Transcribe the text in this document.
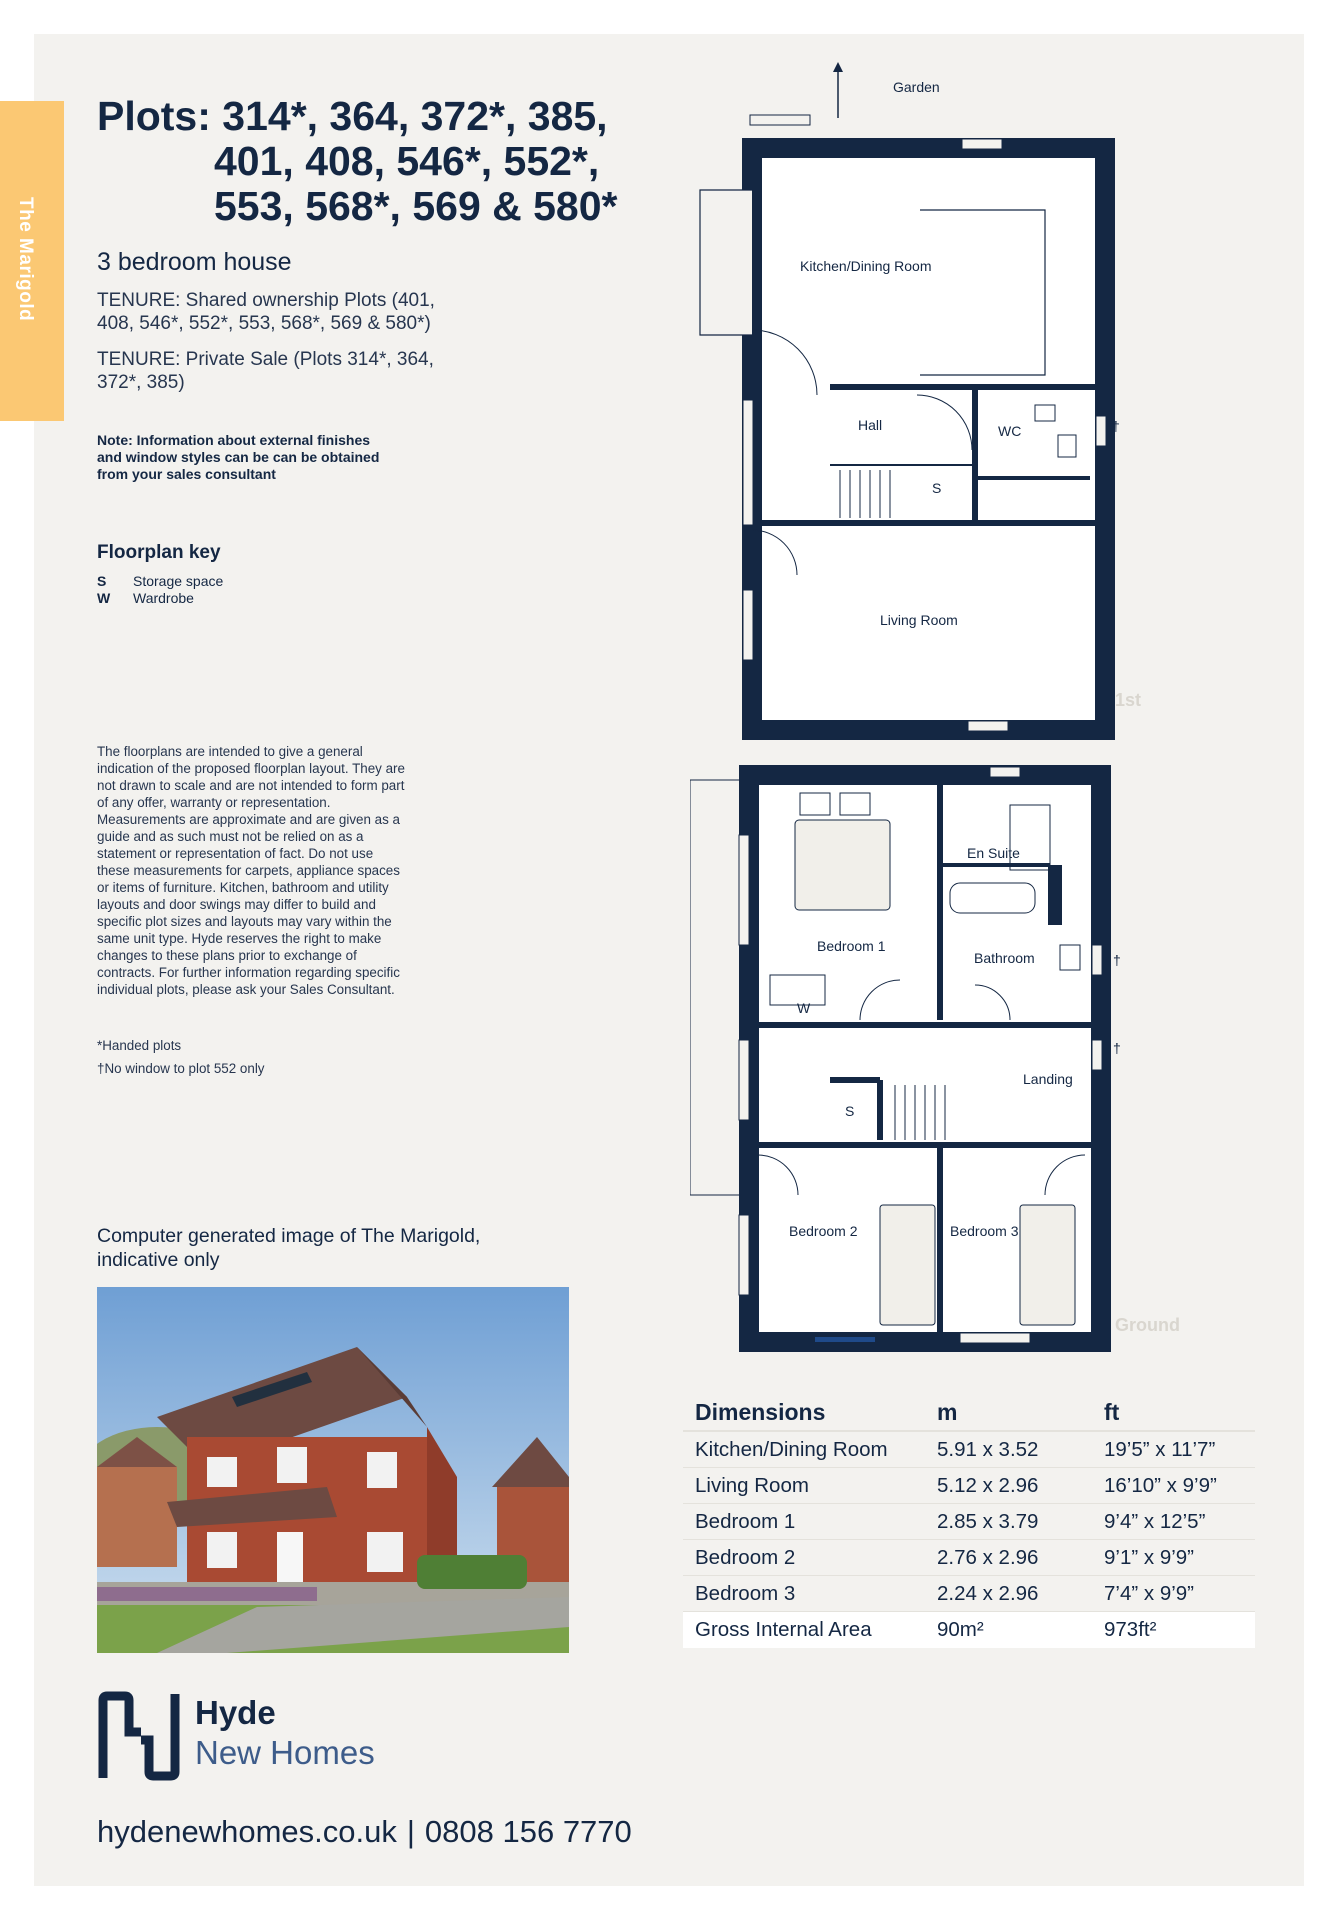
The Marigold
Plots: 314*, 364, 372*, 385,
401, 408, 546*, 552*,
553, 568*, 569 & 580*
3 bedroom house
TENURE: Shared ownership Plots (401, 408, 546*, 552*, 553, 568*, 569 & 580*)
TENURE: Private Sale (Plots 314*, 364, 372*, 385)
Note: Information about external finishes and window styles can be can be obtained from your sales consultant
Floorplan key
S Storage space
W Wardrobe
The floorplans are intended to give a general indication of the proposed floorplan layout. They are not drawn to scale and are not intended to form part of any offer, warranty or representation. Measurements are approximate and are given as a guide and as such must not be relied on as a statement or representation of fact. Do not use these measurements for carpets, appliance spaces or items of furniture. Kitchen, bathroom and utility layouts and door swings may differ to build and specific plot sizes and layouts may vary within the same unit type. Hyde reserves the right to make changes to these plans prior to exchange of contracts. For further information regarding specific individual plots, please ask your Sales Consultant.
*Handed plots
†No window to plot 552 only
Computer generated image of The Marigold, indicative only
Hyde
New Homes
hydenewhomes.co.uk | 0808 156 7770
Garden
Kitchen/Dining Room
Hall	WC
S
Living Room
†
1st
En Suite
Bedroom 1
W
Bathroom
Landing
S
Bedroom 2	Bedroom 3
†
†
Ground
Dimensions	m	ft
Kitchen/Dining Room	5.91 x 3.52	19’5” x 11’7”
Living Room	5.12 x 2.96	16’10” x 9’9”
Bedroom 1	2.85 x 3.79	9’4” x 12’5”
Bedroom 2	2.76 x 2.96	9’1” x 9’9”
Bedroom 3	2.24 x 2.96	7’4” x 9’9”
Gross Internal Area	90m²	973ft²
